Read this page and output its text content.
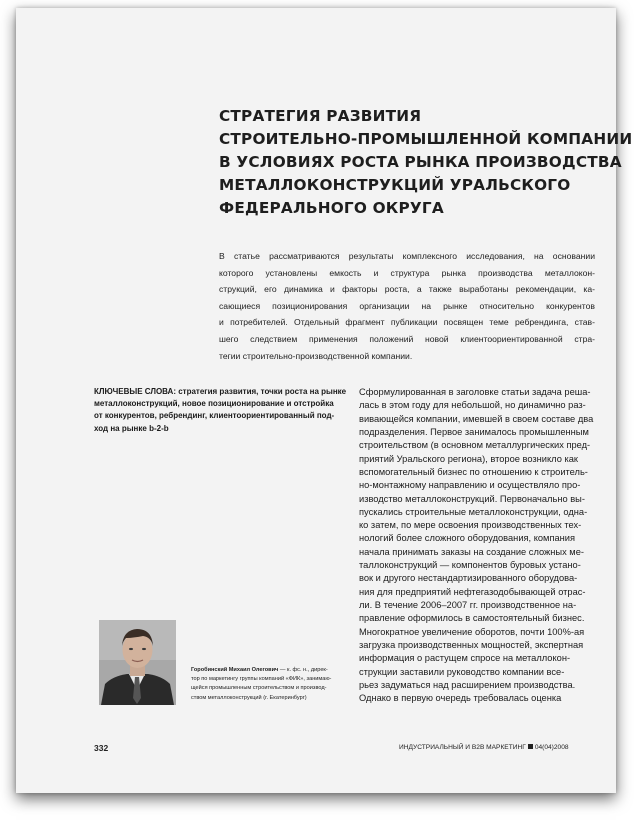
СТРАТЕГИЯ РАЗВИТИЯ
СТРОИТЕЛЬНО-ПРОМЫШЛЕННОЙ КОМПАНИИ
В УСЛОВИЯХ РОСТА РЫНКА ПРОИЗВОДСТВА
МЕТАЛЛОКОНСТРУКЦИЙ УРАЛЬСКОГО
ФЕДЕРАЛЬНОГО ОКРУГА
В статье рассматриваются результаты комплексного исследования, на основании
которого установлены емкость и структура рынка производства металлокон-
струкций, его динамика и факторы роста, а также выработаны рекомендации, ка-
сающиеся позиционирования организации на рынке относительно конкурентов
и потребителей. Отдельный фрагмент публикации посвящен теме ребрендинга, став-
шего следствием применения положений новой клиентоориентированной стра-
тегии строительно-производственной компании.
КЛЮЧЕВЫЕ СЛОВА: стратегия развития, точки роста на рынке
металлоконструкций, новое позиционирование и отстройка
от конкурентов, ребрендинг, клиентоориентированный под-
ход на рынке b-2-b
Сформулированная в заголовке статьи задача реша-
лась в этом году для небольшой, но динамично раз-
вивающейся компании, имевшей в своем составе два
подразделения. Первое занималось промышленным
строительством (в основном металлургических пред-
приятий Уральского региона), второе возникло как
вспомогательный бизнес по отношению к строитель-
но-монтажному направлению и осуществляло про-
изводство металлоконструкций. Первоначально вы-
пускались строительные металлоконструкции, одна-
ко затем, по мере освоения производственных тех-
нологий более сложного оборудования, компания
начала принимать заказы на создание сложных ме-
таллоконструкций — компонентов буровых устано-
вок и другого нестандартизированного оборудова-
ния для предприятий нефтегазодобывающей отрас-
ли. В течение 2006–2007 гг. производственное на-
правление оформилось в самостоятельный бизнес.
Многократное увеличение оборотов, почти 100%-ая
загрузка производственных мощностей, экспертная
информация о растущем спросе на металлокон-
струкции заставили руководство компании все-
рьез задуматься над расширением производства.
Однако в первую очередь требовалась оценка
Горобинский Михаил Олегович — к. фс. н., дирек-
тор по маркетингу группы компаний «ФИК», занимаю-
щейся промышленным строительством и производ-
ством металлоконструкций (г. Екатеринбург)
332	ИНДУСТРИАЛЬНЫЙ И B2B МАРКЕТИНГ 04(04)2008
